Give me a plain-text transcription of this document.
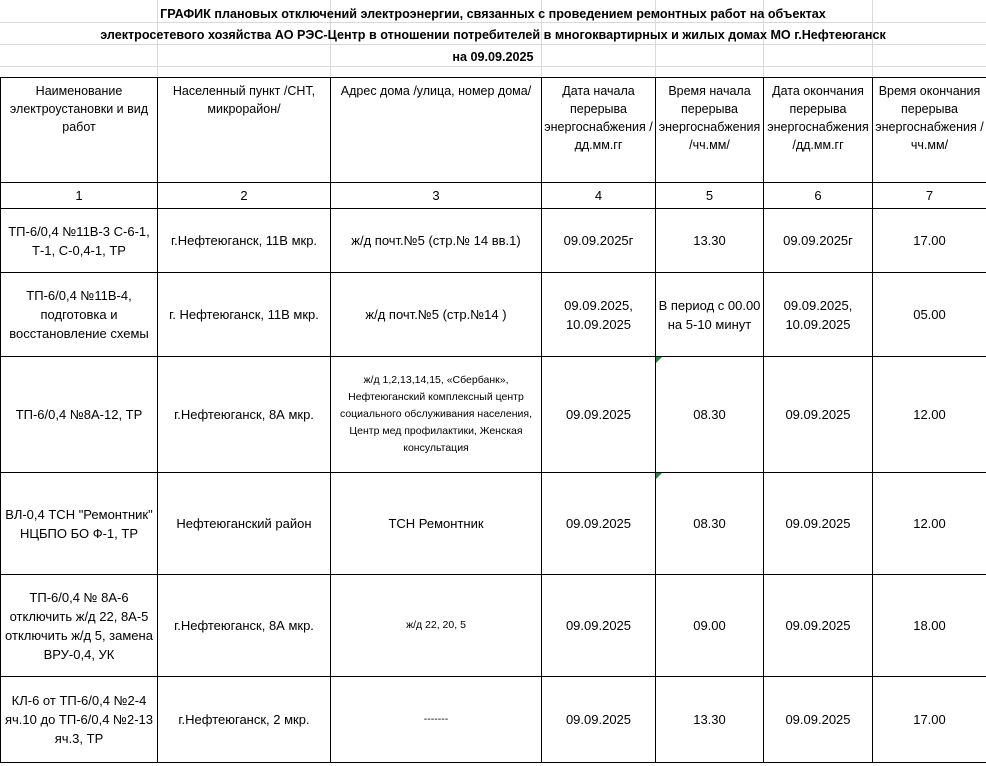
ГРАФИК плановых отключений электроэнергии, связанных с проведением ремонтных работ на объектах
электросетевого хозяйства АО РЭС-Центр в отношении потребителей в многоквартирных и жилых домах МО г.Нефтеюганск
на 09.09.2025
Наименование электроустановки и вид работ	Населенный пункт /СНТ, микрорайон/	Адрес дома /улица, номер дома/	Дата начала перерыва энергоснабжения /дд.мм.гг	Время начала перерыва энергоснабжения /чч.мм/	Дата окончания перерыва энергоснабжения /дд.мм.гг	Время окончания перерыва энергоснабжения /чч.мм/
1	2	3	4	5	6	7
ТП-6/0,4 №11В-3 С-6-1, Т-1, С-0,4-1, ТР	г.Нефтеюганск, 11В мкр.	ж/д почт.№5 (стр.№ 14 вв.1)	09.09.2025г	13.30	09.09.2025г	17.00
ТП-6/0,4 №11В-4, подготовка и восстановление схемы	г. Нефтеюганск, 11В мкр.	ж/д почт.№5 (стр.№14 )	09.09.2025, 10.09.2025	В период с 00.00 на 5-10 минут	09.09.2025, 10.09.2025	05.00
ТП-6/0,4 №8А-12, ТР	г.Нефтеюганск, 8А мкр.	ж/д 1,2,13,14,15, «Сбербанк», Нефтеюганский комплексный центр социального обслуживания населения, Центр мед профилактики, Женская консультация	09.09.2025	08.30	09.09.2025	12.00
ВЛ-0,4 ТСН "Ремонтник" НЦБПО БО Ф-1, ТР	Нефтеюганский район	ТСН Ремонтник	09.09.2025	08.30	09.09.2025	12.00
ТП-6/0,4 № 8А-6 отключить ж/д 22, 8А-5 отключить ж/д 5, замена ВРУ-0,4, УК	г.Нефтеюганск, 8А мкр.	ж/д 22, 20, 5	09.09.2025	09.00	09.09.2025	18.00
КЛ-6 от ТП-6/0,4 №2-4 яч.10 до ТП-6/0,4 №2-13 яч.3, ТР	г.Нефтеюганск, 2 мкр.	-------	09.09.2025	13.30	09.09.2025	17.00
